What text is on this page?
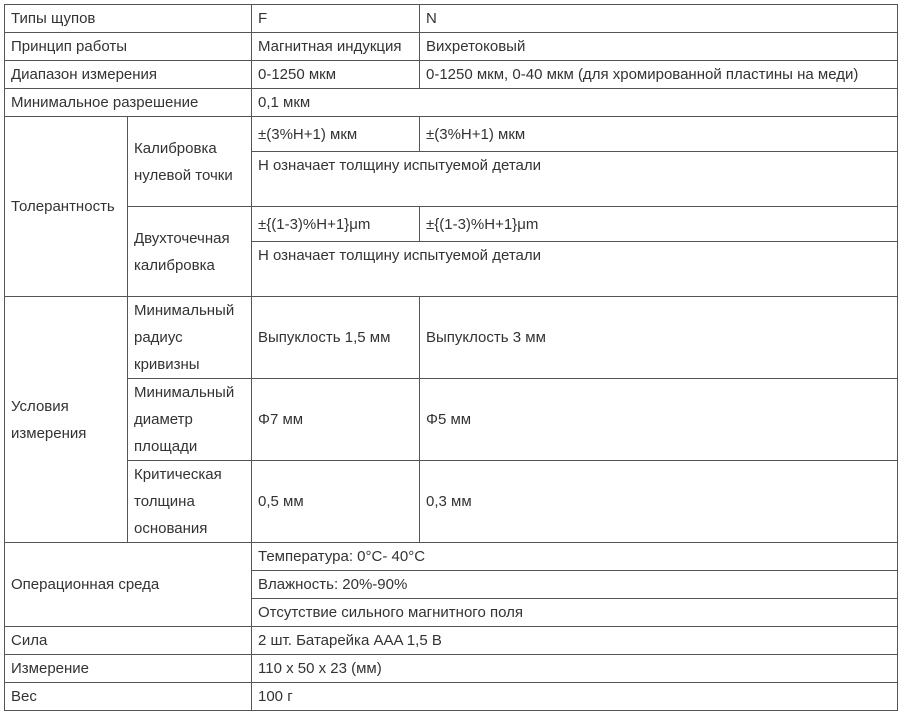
Типы щупов		F	N
Принцип работы		Магнитная индукция	Вихретоковый
Диапазон измерения		0-1250 мкм	0-1250 мкм, 0-40 мкм (для хромированной пластины на меди)
Минимальное разрешение		0,1 мкм	
Толерантность	Калибровка нулевой точки	±(3%H+1) мкм	±(3%H+1) мкм
		H означает толщину испытуемой детали	
	Двухточечная калибровка	±{(1-3)%H+1}μm	±{(1-3)%H+1}μm
		H означает толщину испытуемой детали	
Условия измерения	Минимальный радиус кривизны	Выпуклость 1,5 мм	Выпуклость 3 мм
	Минимальный диаметр площади	Φ7 мм	Φ5 мм
	Критическая толщина основания	0,5 мм	0,3 мм
Операционная среда		Температура: 0°C- 40°C	
		Влажность: 20%-90%	
		Отсутствие сильного магнитного поля	
Сила		2 шт. Батарейка AAA 1,5 В	
Измерение		110 x 50 x 23 (мм)	
Вес		100 г	
